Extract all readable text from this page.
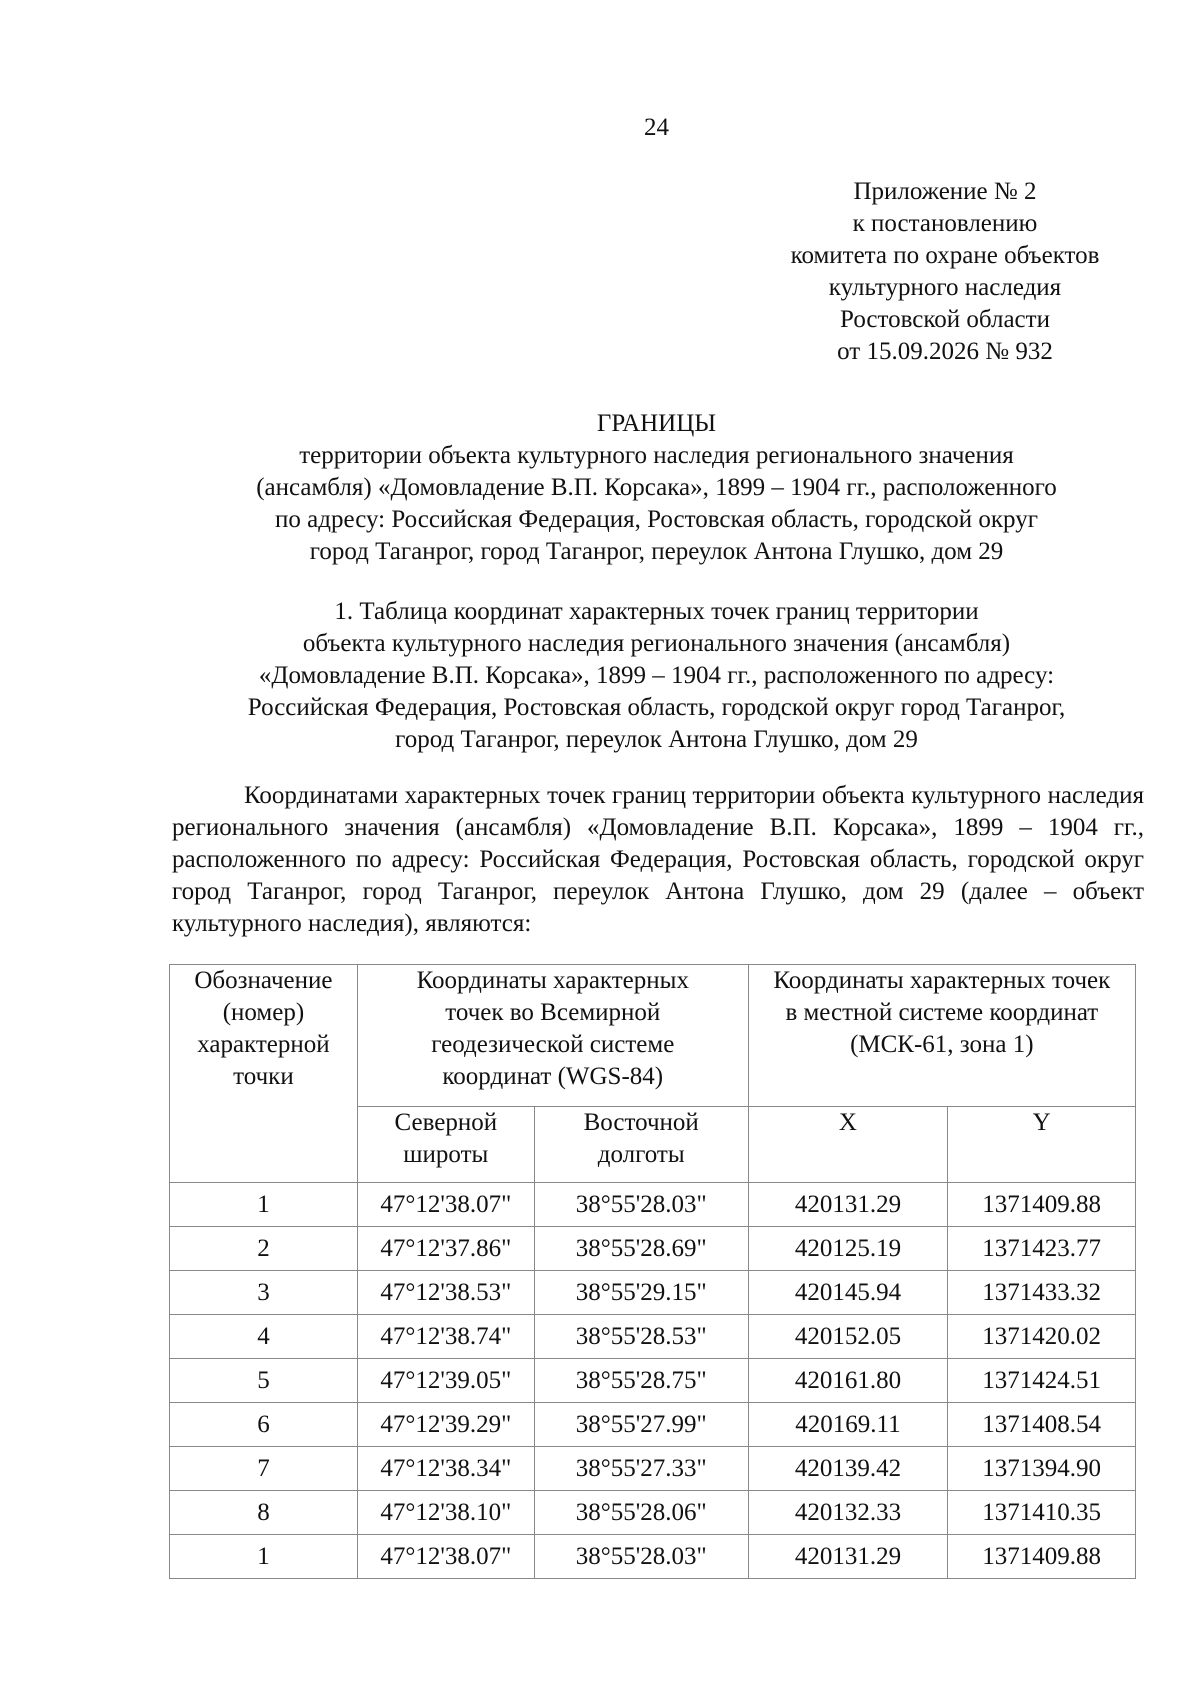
24
Приложение № 2
к постановлению
комитета по охране объектов
культурного наследия
Ростовской области
от 15.09.2026 № 932
ГРАНИЦЫ
территории объекта культурного наследия регионального значения
(ансамбля) «Домовладение В.П. Корсака», 1899 – 1904 гг., расположенного
по адресу: Российская Федерация, Ростовская область, городской округ
город Таганрог, город Таганрог, переулок Антона Глушко, дом 29
1. Таблица координат характерных точек границ территории
объекта культурного наследия регионального значения (ансамбля)
«Домовладение В.П. Корсака», 1899 – 1904 гг., расположенного по адресу:
Российская Федерация, Ростовская область, городской округ город Таганрог,
город Таганрог, переулок Антона Глушко, дом 29
Координатами характерных точек границ территории объекта культурного наследия регионального значения (ансамбля) «Домовладение В.П. Корсака», 1899 – 1904 гг., расположенного по адресу: Российская Федерация, Ростовская область, городской округ город Таганрог, город Таганрог, переулок Антона Глушко, дом 29 (далее – объект культурного наследия), являются:
Обозначение (номер) характерной точки	Координаты характерных точек во Всемирной геодезической системе координат (WGS-84)		Координаты характерных точек в местной системе координат (МСК-61, зона 1)	

	Северной широты	Восточной долготы	X	Y
1	47°12'38.07"	38°55'28.03"	420131.29	1371409.88
2	47°12'37.86"	38°55'28.69"	420125.19	1371423.77
3	47°12'38.53"	38°55'29.15"	420145.94	1371433.32
4	47°12'38.74"	38°55'28.53"	420152.05	1371420.02
5	47°12'39.05"	38°55'28.75"	420161.80	1371424.51
6	47°12'39.29"	38°55'27.99"	420169.11	1371408.54
7	47°12'38.34"	38°55'27.33"	420139.42	1371394.90
8	47°12'38.10"	38°55'28.06"	420132.33	1371410.35
1	47°12'38.07"	38°55'28.03"	420131.29	1371409.88
